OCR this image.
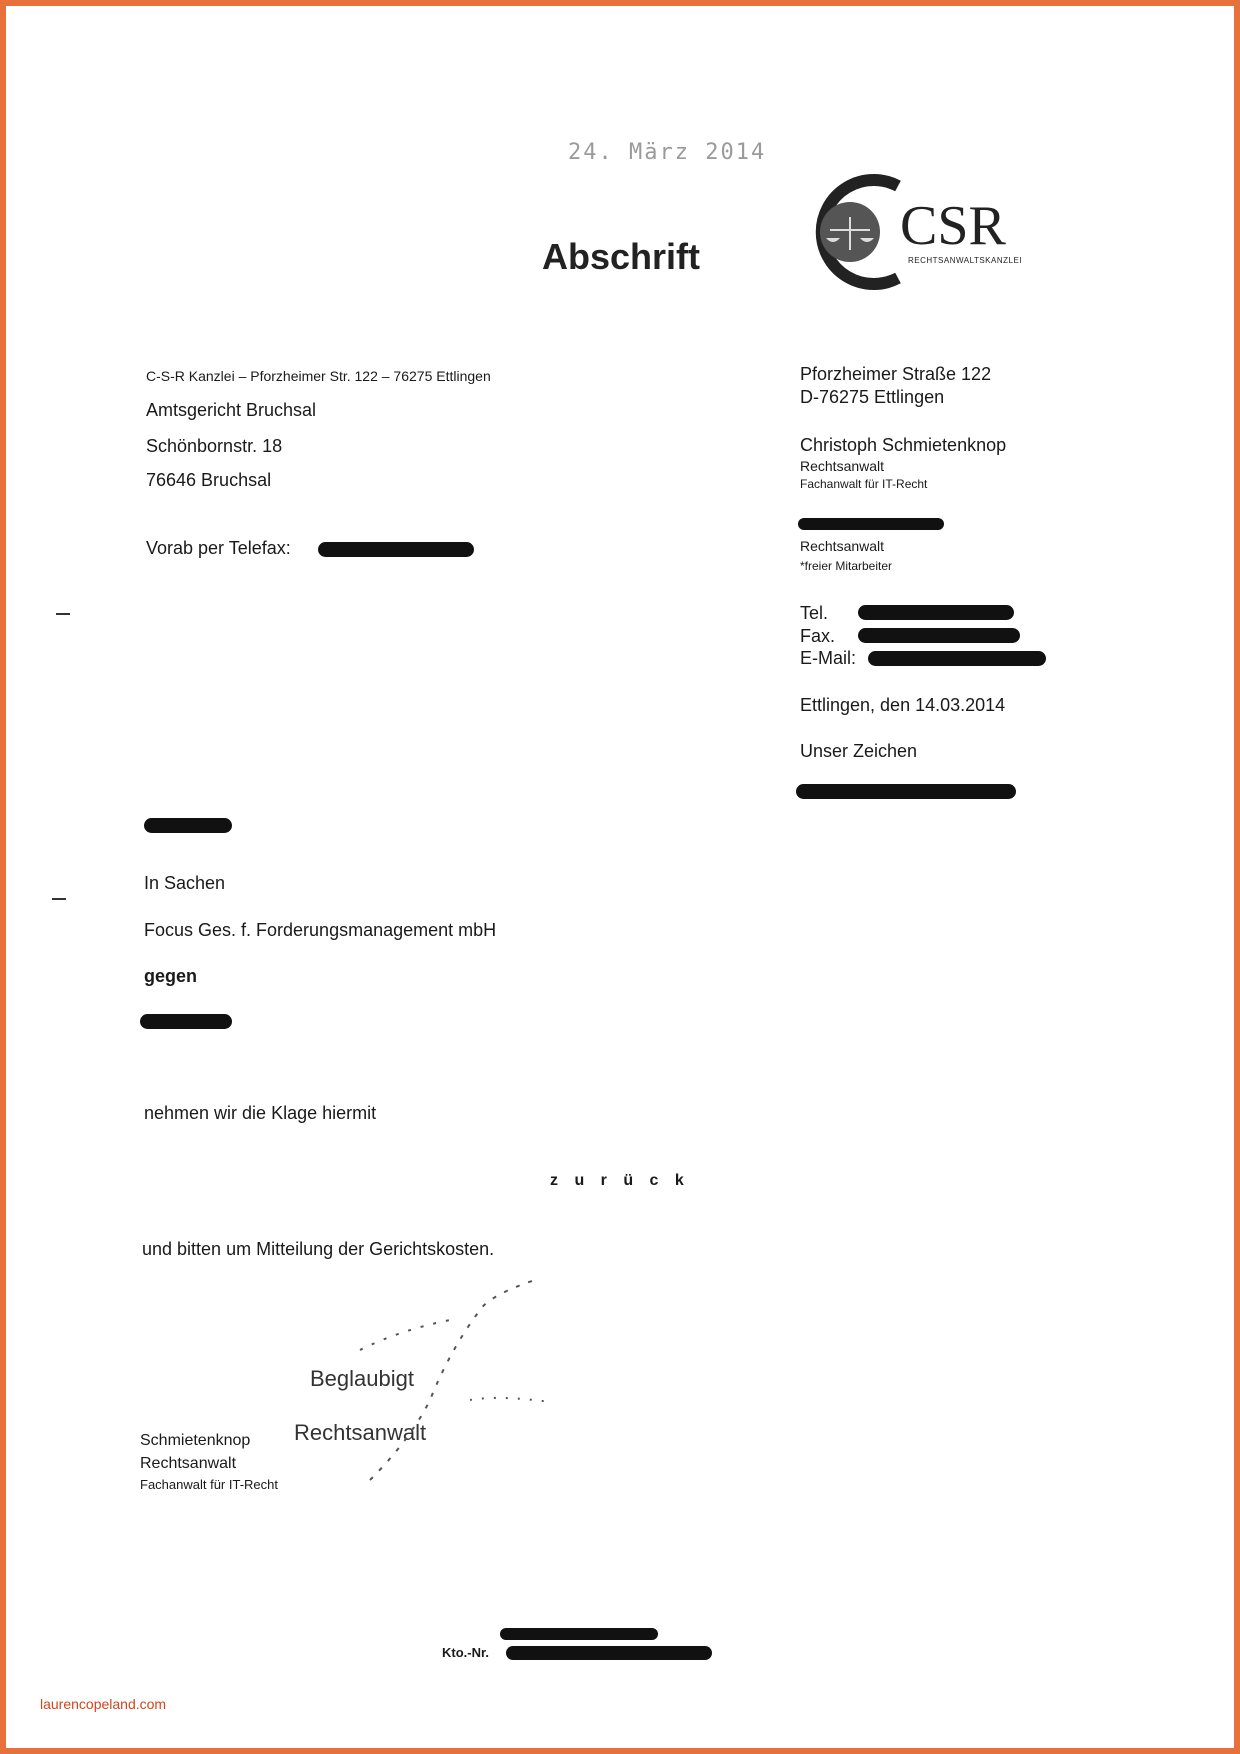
24. März 2014
Abschrift	CSR
RECHTSANWALTSKANZLEI
C-S-R Kanzlei – Pforzheimer Str. 122 – 76275 Ettlingen
Amtsgericht Bruchsal
Schönbornstr. 18
76646 Bruchsal
Vorab per Telefax:
Pforzheimer Straße 122
D-76275 Ettlingen
Christoph Schmietenknop
Rechtsanwalt
Fachanwalt für IT-Recht
Rechtsanwalt
*freier Mitarbeiter
Tel.
Fax.
E-Mail:
Ettlingen, den 14.03.2014
Unser Zeichen
In Sachen
Focus Ges. f. Forderungsmanagement mbH
gegen
nehmen wir die Klage hiermit
z u r ü c k
und bitten um Mitteilung der Gerichtskosten.
Beglaubigt
Rechtsanwalt
Schmietenknop
Rechtsanwalt
Fachanwalt für IT-Recht
Kto.-Nr.
laurencopeland.com
